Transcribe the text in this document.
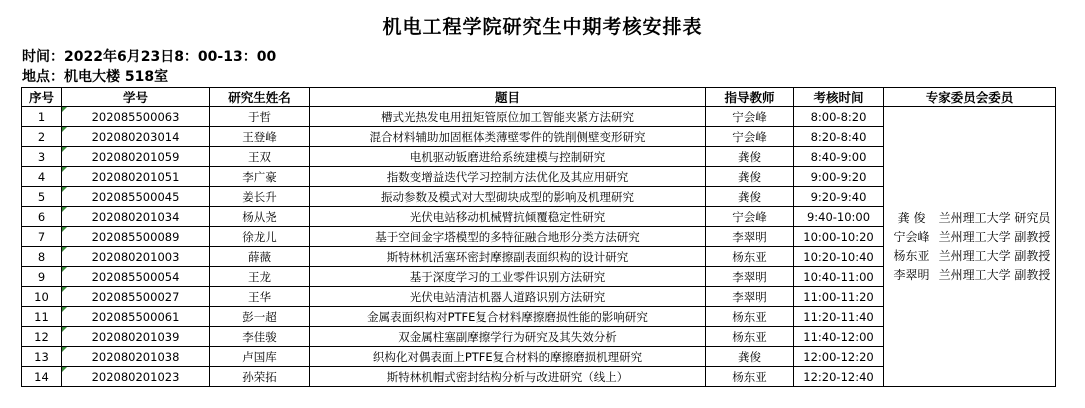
机电工程学院研究生中期考核安排表
时间：2022年6月23日8：00-13：00
地点：机电大楼 518室
序号	学号	研究生姓名	题目	指导教师	考核时间	专家委员会委员
1	202085500063	于哲	槽式光热发电用扭矩管原位加工智能夹紧方法研究	宁会峰	8:00-8:20	龚 俊 兰州理工大学 研究员
宁会峰 兰州理工大学 副教授
杨东亚 兰州理工大学 副教授
李翠明 兰州理工大学 副教授

2	202080203014	王登峰	混合材料辅助加固框体类薄壁零件的铣削侧壁变形研究	宁会峰	8:20-8:40	
3	202080201059	王双	电机驱动钣磨进给系统建模与控制研究	龚俊	8:40-9:00	
4	202080201051	李广豪	指数变增益迭代学习控制方法优化及其应用研究	龚俊	9:00-9:20	
5	202085500045	姜长升	振动参数及模式对大型砌块成型的影响及机理研究	龚俊	9:20-9:40	
6	202080201034	杨从尧	光伏电站移动机械臂抗倾覆稳定性研究	宁会峰	9:40-10:00	
7	202085500089	徐龙儿	基于空间金字塔模型的多特征融合地形分类方法研究	李翠明	10:00-10:20	
8	202080201003	薛薇	斯特林机活塞环密封摩擦副表面织构的设计研究	杨东亚	10:20-10:40	
9	202085500054	王龙	基于深度学习的工业零件识别方法研究	李翠明	10:40-11:00	
10	202085500027	王华	光伏电站清洁机器人道路识别方法研究	李翠明	11:00-11:20	
11	202085500061	彭一超	金属表面织构对PTFE复合材料摩擦磨损性能的影响研究	杨东亚	11:20-11:40	
12	202080201039	李佳骏	双金属柱塞副摩擦学行为研究及其失效分析	杨东亚	11:40-12:00	
13	202080201038	卢国库	织构化对偶表面上PTFE复合材料的摩擦磨损机理研究	龚俊	12:00-12:20	
14	202080201023	孙荣拓	斯特林机帽式密封结构分析与改进研究（线上）	杨东亚	12:20-12:40	
